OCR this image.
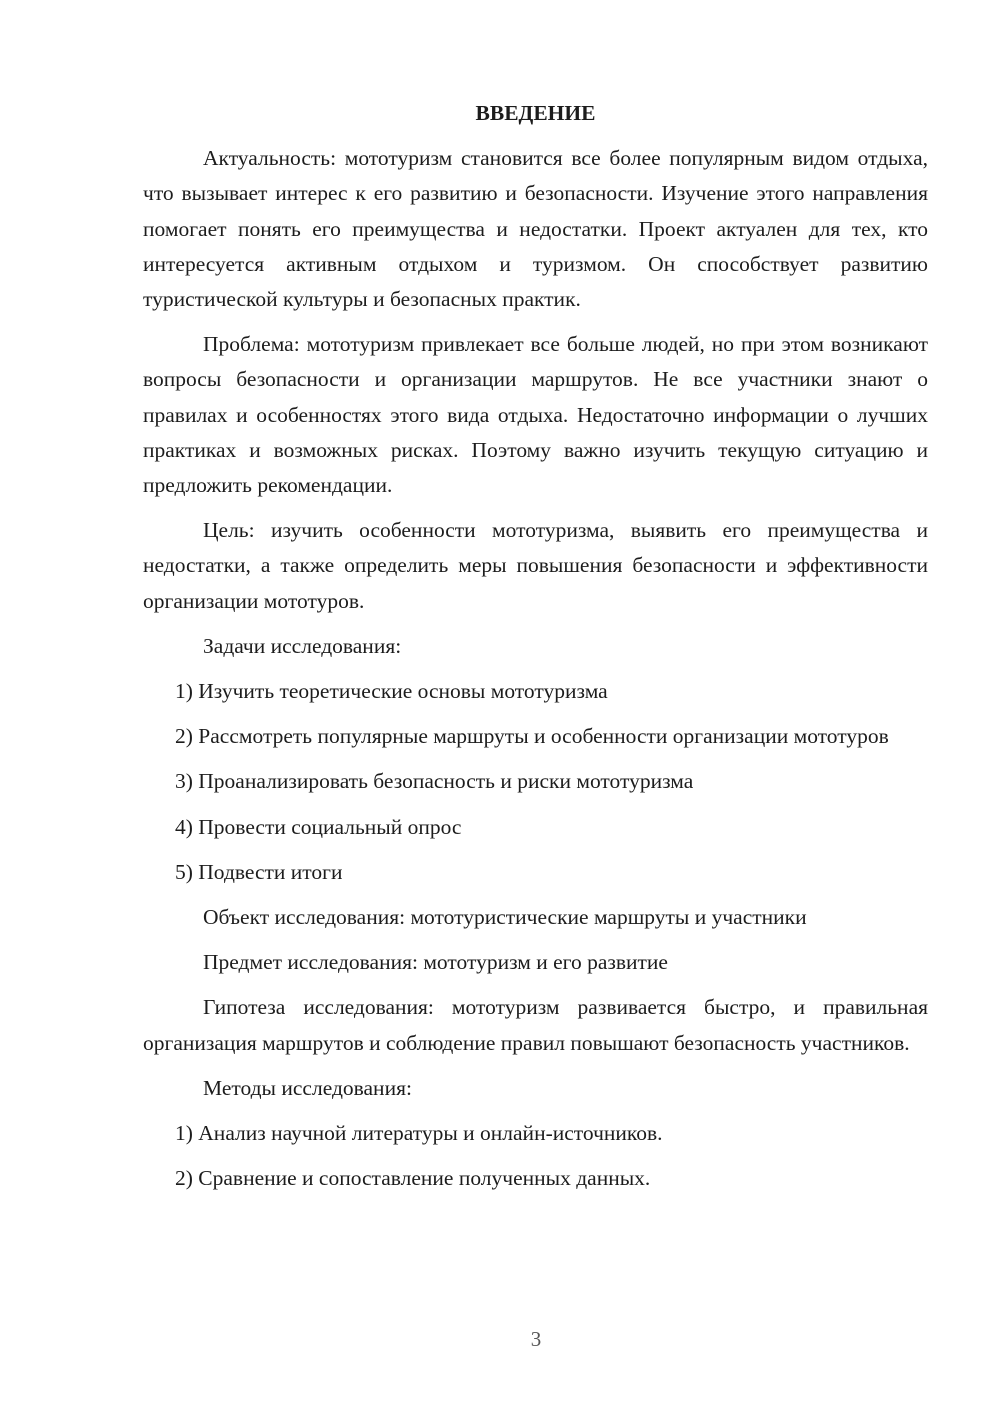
ВВЕДЕНИЕ

Актуальность: мототуризм становится все более популярным видом отдыха, что вызывает интерес к его развитию и безопасности. Изучение этого направления помогает понять его преимущества и недостатки. Проект актуален для тех, кто интересуется активным отдыхом и туризмом. Он способствует развитию туристической культуры и безопасных практик.

Проблема: мототуризм привлекает все больше людей, но при этом возникают вопросы безопасности и организации маршрутов. Не все участники знают о правилах и особенностях этого вида отдыха. Недостаточно информации о лучших практиках и возможных рисках. Поэтому важно изучить текущую ситуацию и предложить рекомендации.

Цель: изучить особенности мототуризма, выявить его преимущества и недостатки, а также определить меры повышения безопасности и эффективности организации мототуров.

Задачи исследования:

1) Изучить теоретические основы мототуризма

2) Рассмотреть популярные маршруты и особенности организации мототуров

3) Проанализировать безопасность и риски мототуризма

4) Провести социальный опрос

5) Подвести итоги

Объект исследования: мототуристические маршруты и участники

Предмет исследования: мототуризм и его развитие

Гипотеза исследования: мототуризм развивается быстро, и правильная организация маршрутов и соблюдение правил повышают безопасность участников.

Методы исследования:

1) Анализ научной литературы и онлайн-источников.

2) Сравнение и сопоставление полученных данных.

3
